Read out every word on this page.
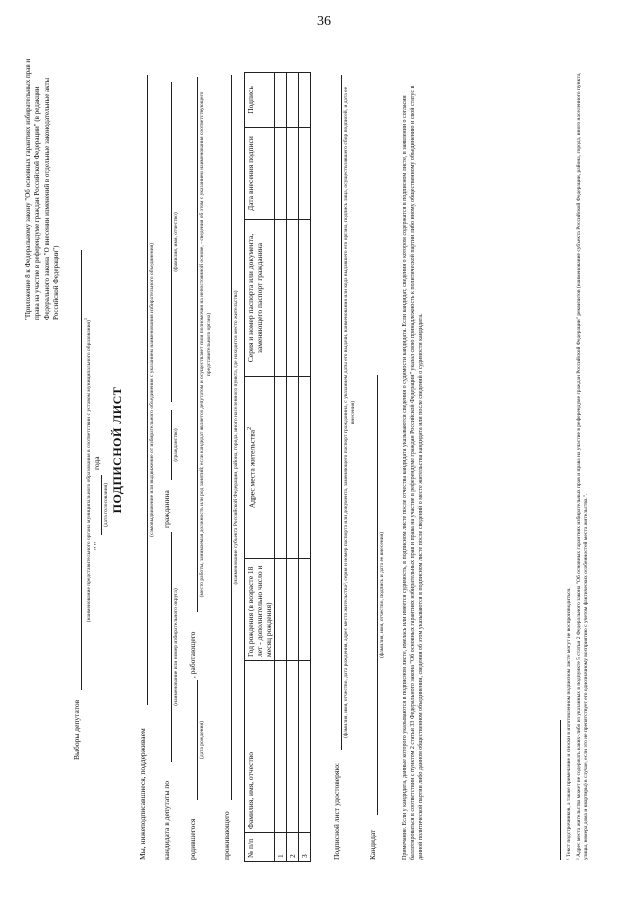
36
"Приложение 8 к Федеральному закону "Об основных гарантиях избирательных прав и права на участие в референдуме граждан Российской Федерации" (в редакции Федерального закона "О внесении изменений в отдельные законодательные акты Российской Федерации")
Выборы депутатов
(наименование представительного органа муниципального образования в соответствии с уставом муниципального образования)$^1$
" "
года
(дата голосования) ПОДПИСНОЙ ЛИСТ
Мы, нижеподписавшиеся, поддерживаем
(самовыдвижение или выдвижение от избирательного объединения с указанием наименования избирательного объединения)
кандидата в депутаты по
гражданина
(наименование или номер избирательного округа)
(гражданство)
(фамилия, имя, отчество)
родившегося
, работающего
(дата рождения)
(место работы, занимаемая должность или род занятий; если кандидат является депутатом и осуществляет свои полномочия на непостоянной основе, - сведения об этом с указанием наименования соответствующего представительного органа)
проживающего
(наименование субъекта Российской Федерации, района, города, иного населенного пункта, где находится место жительства)
№ п/п	Фамилия, имя, отчество	Год рождения (в возрасте 18 лет - дополнительно число и месяц рождения)	Адрес места жительства$^2$	Серия и номер паспорта или документа, заменяющего паспорт гражданина	Дата внесения подписи	Подпись
1						
2						
3							Подписной лист удостоверяю:
(фамилия, имя, отчество, дата рождения, адрес места жительства², серия и номер паспорта или документа, заменяющего паспорт гражданина, с указанием даты его выдачи, наименования или кода выдавшего его органа, подпись лица, осуществлявшего сбор подписей, и дата ее внесения)
Кандидат
(фамилия, имя, отчество, подпись и дата ее внесения)	Примечание. Если у кандидата, данные которого указываются в подписном листе, имелась или имеется судимость, в подписном листе после отчества кандидата указываются сведения о судимости кандидата. Если кандидат, сведения о котором содержатся в подписном листе, в заявлении о согласии баллотироваться в соответствии с пунктом 2 статьи 33 Федерального закона "Об основных гарантиях избирательных прав и права на участие в референдуме граждан Российской Федерации" указал свою принадлежность к политической партии либо иному общественному объединению и свой статус в данной политической партии либо данном общественном объединении, сведения об этом указываются в подписном листе после сведений о месте жительства кандидата или после сведений о судимости кандидата.	¹ Текст подстрочников, а также примечание и сноски в изготовленном подписном листе могут не воспроизводиться. ² Адрес места жительства может не содержать каких-либо из указанных в подпункте 5 статьи 2 Федерального закона "Об основных гарантиях избирательных прав и права на участие в референдуме граждан Российской Федерации" реквизитов (наименование субъекта Российской Федерации, района, города, иного населенного пункта, улицы, номера дома и квартиры) в случае, если это не препятствует его однозначному восприятию с учетом фактических особенностей места жительства.".
